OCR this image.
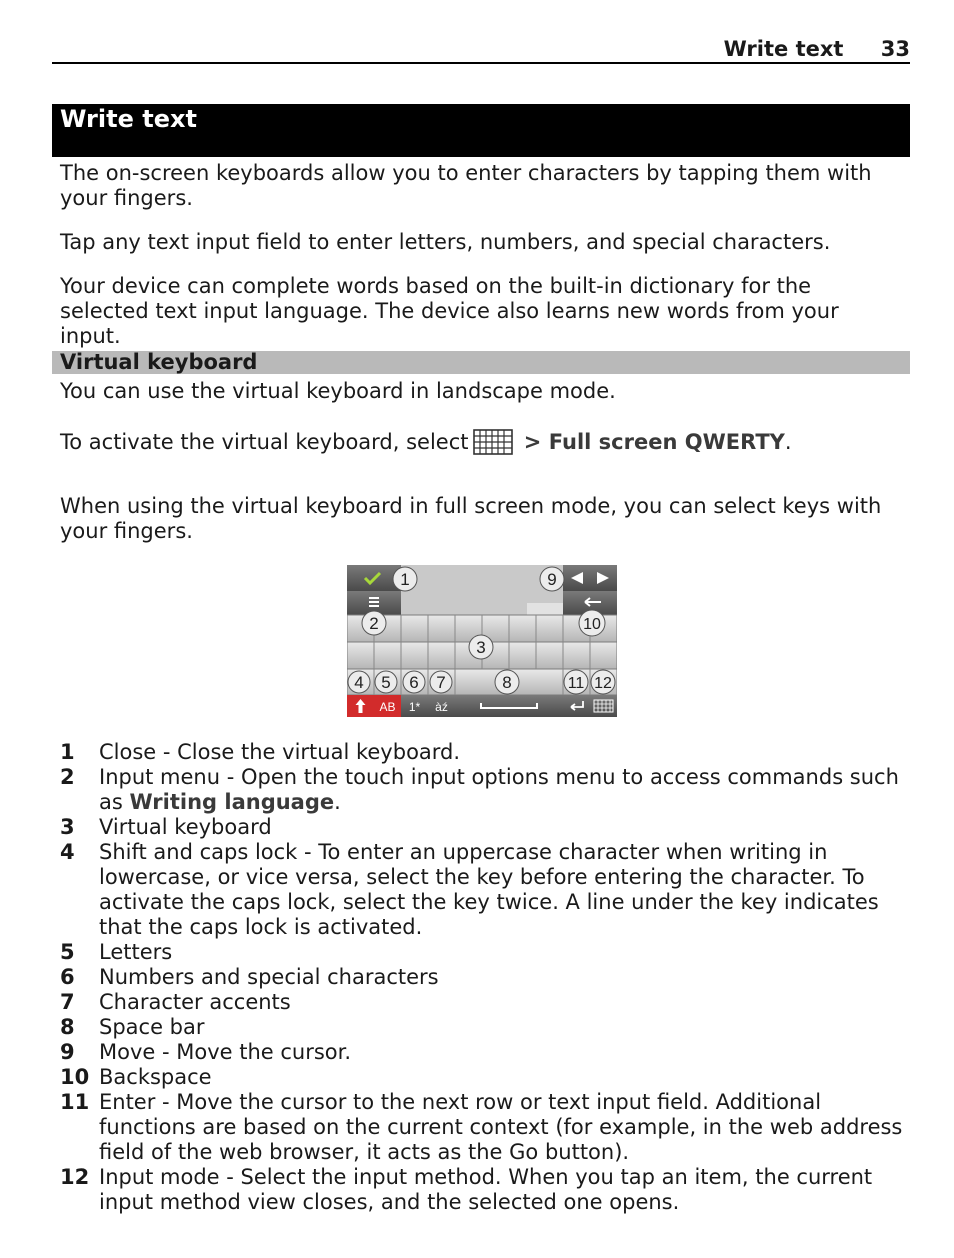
Write text 33
Write text

The on-screen keyboards allow you to enter characters by tapping them with your fingers.

Tap any text input field to enter letters, numbers, and special characters.

Your device can complete words based on the built-in dictionary for the selected text input language. The device also learns new words from your input.

Virtual keyboard

You can use the virtual keyboard in landscape mode.

To activate the virtual keyboard, select > Full screen QWERTY.

When using the virtual keyboard in full screen mode, you can select keys with your fingers.

AB 1* àź
1	9
2	10
3
4 5 6 7	8	11 12
1 Close - Close the virtual keyboard.
2 Input menu - Open the touch input options menu to access commands such as Writing language.
3 Virtual keyboard
4 Shift and caps lock - To enter an uppercase character when writing in lowercase, or vice versa, select the key before entering the character. To activate the caps lock, select the key twice. A line under the key indicates that the caps lock is activated.
5 Letters
6 Numbers and special characters
7 Character accents
8 Space bar
9 Move - Move the cursor.
10 Backspace
11 Enter - Move the cursor to the next row or text input field. Additional functions are based on the current context (for example, in the web address field of the web browser, it acts as the Go button).
12 Input mode - Select the input method. When you tap an item, the current input method view closes, and the selected one opens.
